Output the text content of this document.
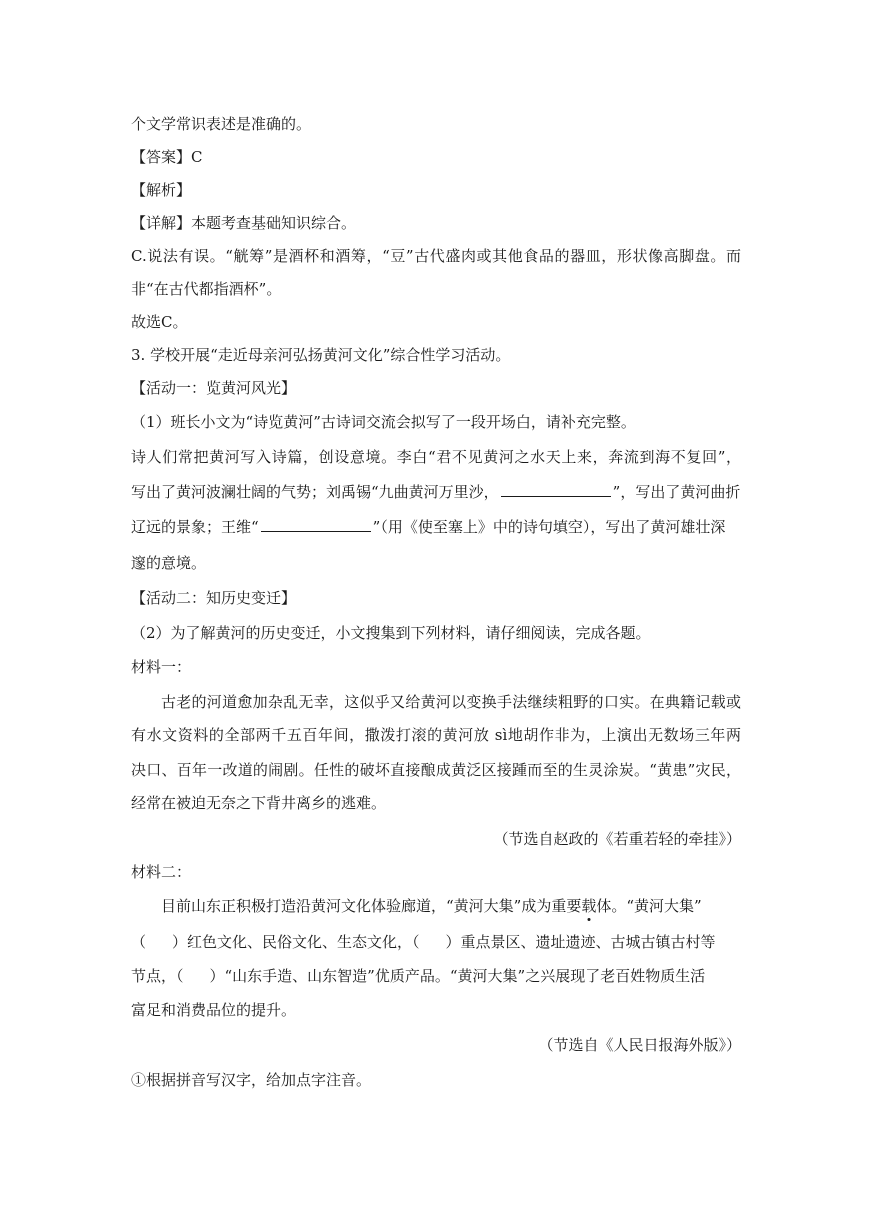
个文学常识表述是准确的。
【答案】C
【解析】
【详解】本题考查基础知识综合。
C.说法有误。“觥筹”是酒杯和酒筹，“豆”古代盛肉或其他食品的器皿，形状像高脚盘。而
非“在古代都指酒杯”。
故选C。
3. 学校开展“走近母亲河弘扬黄河文化”综合性学习活动。
【活动一：览黄河风光】
（1）班长小文为“诗览黄河”古诗词交流会拟写了一段开场白，请补充完整。
诗人们常把黄河写入诗篇，创设意境。李白“君不见黄河之水天上来，奔流到海不复回”，
写出了黄河波澜壮阔的气势；刘禹锡“九曲黄河万里沙，	”，写出了黄河曲折
辽远的景象；王维“	”（用《使至塞上》中的诗句填空），写出了黄河雄壮深
邃的意境。
【活动二：知历史变迁】
（2）为了解黄河的历史变迁，小文搜集到下列材料，请仔细阅读，完成各题。
材料一：
古老的河道愈加杂乱无幸，这似乎又给黄河以变换手法继续粗野的口实。在典籍记载或
有水文资料的全部两千五百年间，撒泼打滚的黄河放 sì地胡作非为，上演出无数场三年两
决口、百年一改道的闹剧。任性的破坏直接酿成黄泛区接踵而至的生灵涂炭。“黄患”灾民，
经常在被迫无奈之下背井离乡的逃难。
（节选自赵政的《若重若轻的牵挂》）
材料二：
目前山东正积极打造沿黄河文化体验廊道，“黄河大集”成为重要载体。“黄河大集”
（ ）红色文化、民俗文化、生态文化，（ ）重点景区、遗址遗迹、古城古镇古村等
节点，（ ）“山东手造、山东智造”优质产品。“黄河大集”之兴展现了老百姓物质生活
富足和消费品位的提升。
（节选自《人民日报海外版》）
①根据拼音写汉字，给加点字注音。
